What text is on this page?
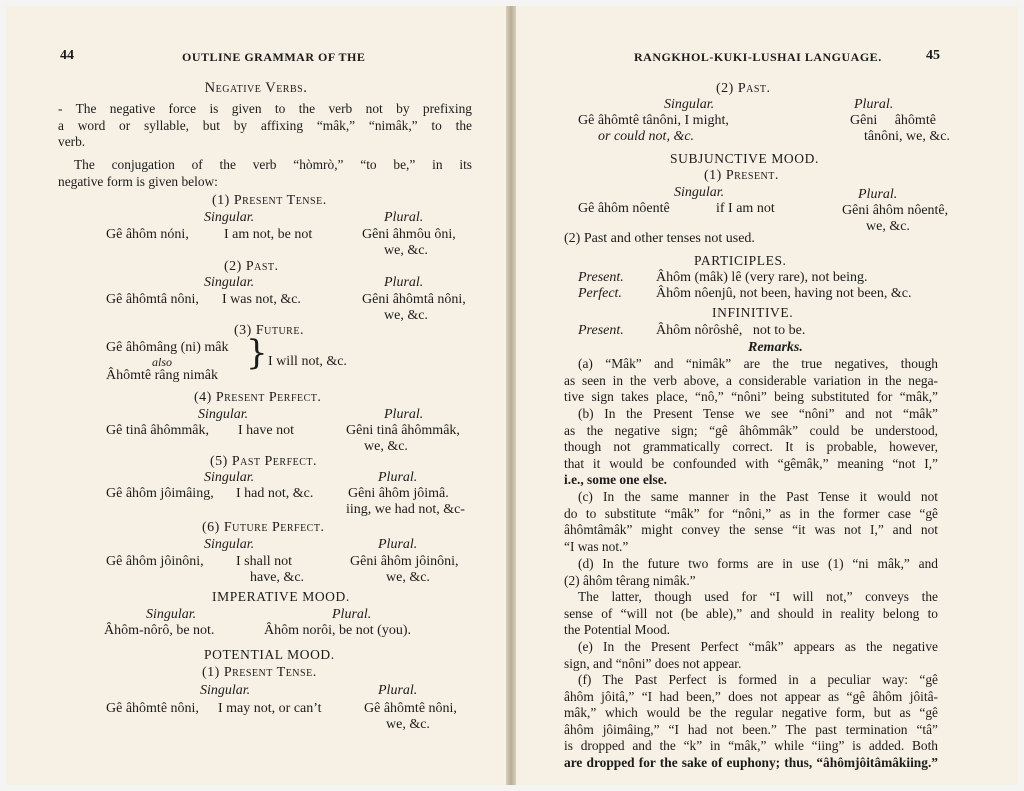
44	OUTLINE GRAMMAR OF THE
Negative Verbs.
- The negative force is given to the verb not by prefixing
a word or syllable, but by affixing “mâk,” “nimâk,” to the
verb.
The conjugation of the verb “hòmrò,” “to be,” in its
negative form is given below:
(1) Present Tense.
Singular.	Plural.
Gê âhôm nóni,	I am not, be not	Gêni âhmôu ôni,
we, &c.
(2) Past.
Singular.	Plural.
Gê âhômtâ nôni, I was not, &c.	Gêni âhômtâ nôni,
we, &c.
(3) Future.
Gê âhômâng (ni) mâk
also
Âhômtê râng nimâk
} I will not, &c.
(4) Present Perfect.
Singular.	Plural.
Gê tinâ âhômmâk, I have not	Gêni tinâ âhômmâk,
we, &c.
(5) Past Perfect.
Singular.	Plural.
Gê âhôm jôimâing, I had not, &c. Gêni âhôm jôimâ.
iing, we had not, &c-
(6) Future Perfect.
Singular.	Plural.
Gê âhôm jôinôni, I shall not
have, &c.
Gêni âhôm jôinôni,
we, &c.
IMPERATIVE MOOD.
Singular.	Plural.
Âhôm-nôrô, be not.	Âhôm norôi, be not (you).
POTENTIAL MOOD.
(1) Present Tense.
Singular.	Plural.
Gê âhômtê nôni, I may not, or can’t	Gê âhômtê nôni,
we, &c.
RANGKHOL-KUKI-LUSHAI LANGUAGE.	45
(2) Past.
Singular.	Plural.
Gê âhômtê tânôni, I might,
or could not, &c.
Gêni     âhômtê
tânôni, we, &c.
SUBJUNCTIVE MOOD.
(1) Present.
Singular.	Plural.
Gê âhôm nôentê	if I am not	Gêni âhôm nôentê,
we, &c.
(2) Past and other tenses not used.
PARTICIPLES.
Present. Âhôm (mâk) lê (very rare), not being.
Perfect. Âhôm nôenjû, not been, having not been, &c.
INFINITIVE.
Present. Âhôm nôrôshê,   not to be.
Remarks.
(a) “Mâk” and “nimâk” are the true negatives, though
as seen in the verb above, a considerable variation in the nega-
tive sign takes place, “nô,” “nôni” being substituted for “mâk,”
(b) In the Present Tense we see “nôni” and not “mâk”
as the negative sign; “gê âhômmâk” could be understood,
though not grammatically correct. It is probable, however,
that it would be confounded with “gêmâk,” meaning “not I,”
i.e., some one else.
(c) In the same manner in the Past Tense it would not
do to substitute “mâk” for “nôni,” as in the former case “gê
âhômtâmâk” might convey the sense “it was not I,” and not
“I was not.”
(d) In the future two forms are in use (1) “ni mâk,” and
(2) âhôm têrang nimâk.”
The latter, though used for “I will not,” conveys the
sense of “will not (be able),” and should in reality belong to
the Potential Mood.
(e) In the Present Perfect “mâk” appears as the negative
sign, and “nôni” does not appear.
(f) The Past Perfect is formed in a peculiar way: “gê
âhôm jôitâ,” “I had been,” does not appear as “gê âhôm jôitâ-
mâk,” which would be the regular negative form, but as “gê
âhôm jôimâing,” “I had not been.” The past termination “tâ”
is dropped and the “k” in “mâk,” while “iing” is added. Both
are dropped for the sake of euphony; thus, “âhômjôitâmâkiing.”
